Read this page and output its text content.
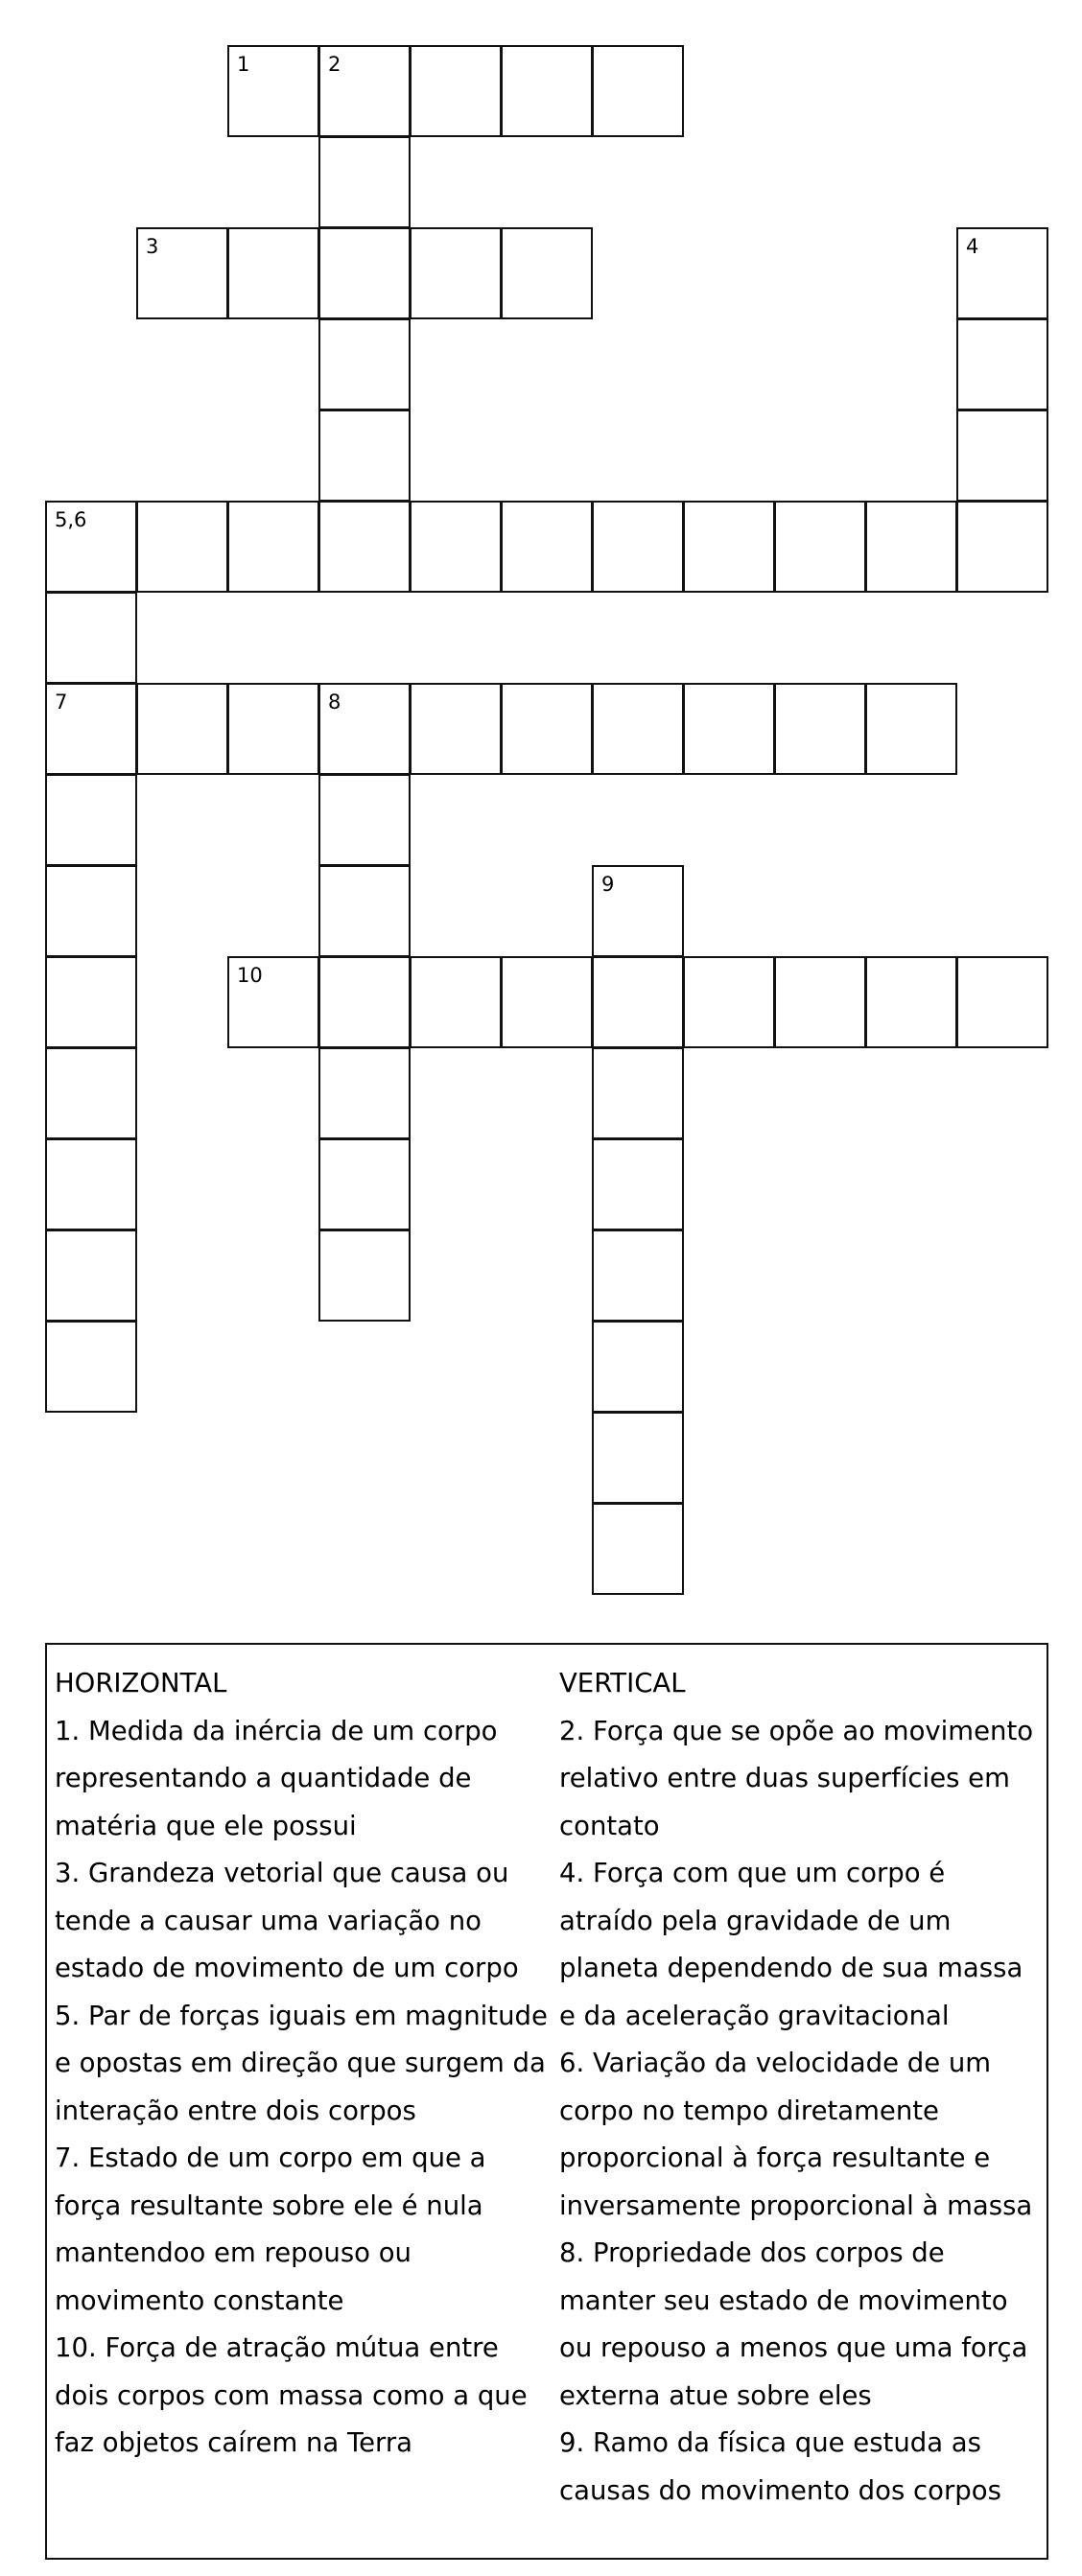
1	2
3	4
5,6
7	8
9
10
HORIZONTAL
1. Medida da inércia de um corpo representando a quantidade de matéria que ele possui
3. Grandeza vetorial que causa ou tende a causar uma variação no estado de movimento de um corpo
5. Par de forças iguais em magnitude e opostas em direção que surgem da interação entre dois corpos
7. Estado de um corpo em que a força resultante sobre ele é nula mantendoo em repouso ou movimento constante
10. Força de atração mútua entre dois corpos com massa como a que faz objetos caírem na Terra
VERTICAL
2. Força que se opõe ao movimento relativo entre duas superfícies em contato
4. Força com que um corpo é atraído pela gravidade de um planeta dependendo de sua massa e da aceleração gravitacional
6. Variação da velocidade de um corpo no tempo diretamente proporcional à força resultante e inversamente proporcional à massa
8. Propriedade dos corpos de manter seu estado de movimento ou repouso a menos que uma força externa atue sobre eles
9. Ramo da física que estuda as causas do movimento dos corpos
